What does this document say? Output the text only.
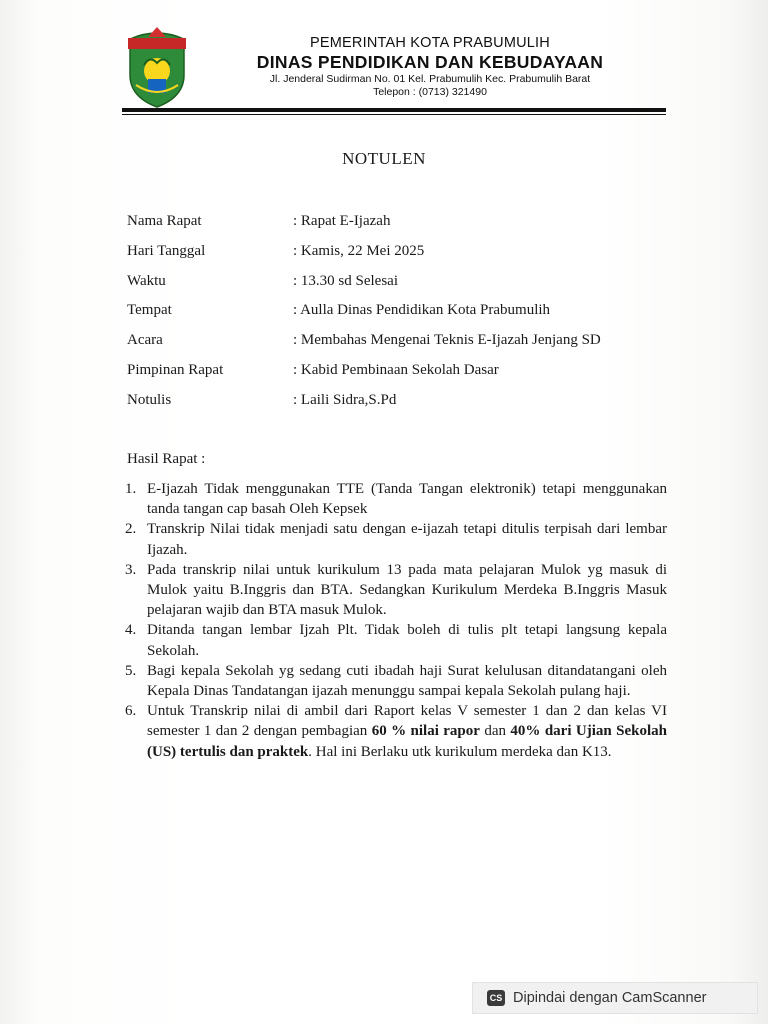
PEMERINTAH KOTA PRABUMULIH
DINAS PENDIDIKAN DAN KEBUDAYAAN
Jl. Jenderal Sudirman No. 01 Kel. Prabumulih Kec. Prabumulih Barat
Telepon : (0713) 321490
NOTULEN
Nama Rapat	: Rapat E-Ijazah
Hari Tanggal	: Kamis, 22 Mei 2025
Waktu	: 13.30 sd Selesai
Tempat	: Aulla Dinas Pendidikan Kota Prabumulih
Acara	: Membahas Mengenai Teknis E-Ijazah Jenjang SD
Pimpinan Rapat	: Kabid Pembinaan Sekolah Dasar
Notulis	: Laili Sidra,S.Pd
Hasil Rapat :
1. E-Ijazah Tidak menggunakan TTE (Tanda Tangan elektronik) tetapi menggunakan tanda tangan cap basah Oleh Kepsek
2. Transkrip Nilai tidak menjadi satu dengan e-ijazah tetapi ditulis terpisah dari lembar Ijazah.
3. Pada transkrip nilai untuk kurikulum 13 pada mata pelajaran Mulok yg masuk di Mulok yaitu B.Inggris dan BTA. Sedangkan Kurikulum Merdeka B.Inggris Masuk pelajaran wajib dan BTA masuk Mulok.
4. Ditanda tangan lembar Ijzah Plt. Tidak boleh di tulis plt tetapi langsung kepala Sekolah.
5. Bagi kepala Sekolah yg sedang cuti ibadah haji Surat kelulusan ditandatangani oleh Kepala Dinas Tandatangan ijazah menunggu sampai kepala Sekolah pulang haji.
6. Untuk Transkrip nilai di ambil dari Raport kelas V semester 1 dan 2 dan kelas VI semester 1 dan 2 dengan pembagian 60 % nilai rapor dan 40% dari Ujian Sekolah (US) tertulis dan praktek. Hal ini Berlaku utk kurikulum merdeka dan K13.
CS Dipindai dengan CamScanner
